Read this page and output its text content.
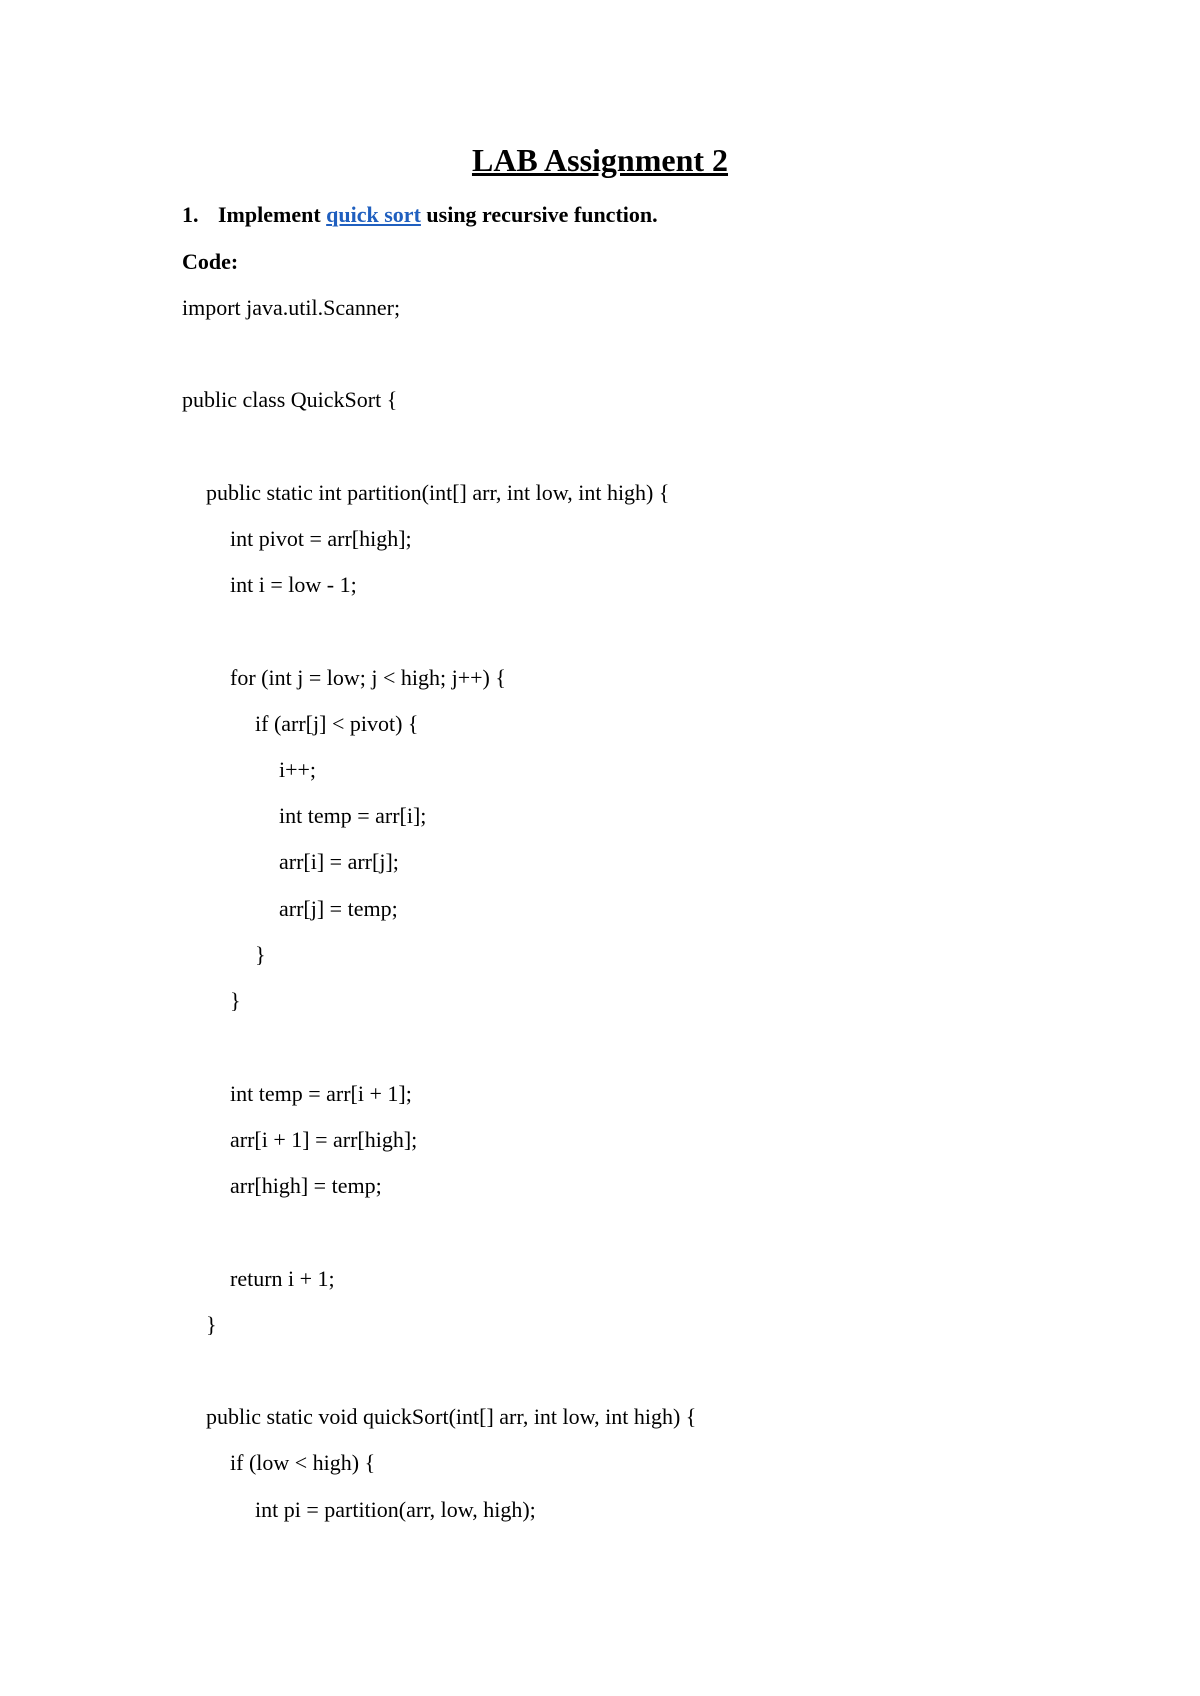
LAB Assignment 2
1. Implement quick sort using recursive function.
Code:
import java.util.Scanner;
public class QuickSort {
public static int partition(int[] arr, int low, int high) {
int pivot = arr[high];
int i = low - 1;
for (int j = low; j < high; j++) {
if (arr[j] < pivot) {
i++;
int temp = arr[i];
arr[i] = arr[j];
arr[j] = temp;
}
}
int temp = arr[i + 1];
arr[i + 1] = arr[high];
arr[high] = temp;
return i + 1;
}
public static void quickSort(int[] arr, int low, int high) {
if (low < high) {
int pi = partition(arr, low, high);
